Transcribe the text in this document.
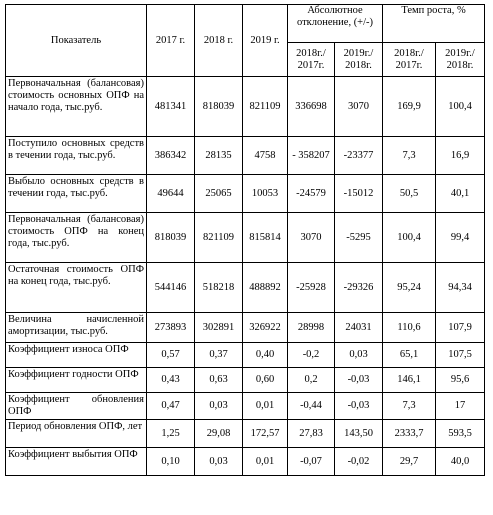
Показатель	2017 г.	2018 г.	2019 г.	Абсолютное отклонение, (+/-)		Темп роста, %	
				2018г./ 2017г.	2019г./ 2018г.	2018г./ 2017г.	2019г./ 2018г.
Первоначальная (балансовая) стоимость основных ОПФ на начало года, тыс.руб.	481341	818039	821109	336698	3070	169,9	100,4
Поступило основных средств в течении года, тыс.руб.	386342	28135	4758	- 358207	-23377	7,3	16,9
Выбыло основных средств в течении года, тыс.руб.	49644	25065	10053	-24579	-15012	50,5	40,1
Первоначальная (балансовая) стоимость ОПФ на конец года, тыс.руб.	818039	821109	815814	3070	-5295	100,4	99,4
Остаточная стоимость ОПФ на конец года, тыс.руб.	544146	518218	488892	-25928	-29326	95,24	94,34
Величина начисленной амортизации, тыс.руб.	273893	302891	326922	28998	24031	110,6	107,9
Коэффициент износа ОПФ	0,57	0,37	0,40	-0,2	0,03	65,1	107,5
Коэффициент годности ОПФ	0,43	0,63	0,60	0,2	-0,03	146,1	95,6
Коэффициент обновления ОПФ	0,47	0,03	0,01	-0,44	-0,03	7,3	17
Период обновления ОПФ, лет	1,25	29,08	172,57	27,83	143,50	2333,7	593,5
Коэффициент выбытия ОПФ	0,10	0,03	0,01	-0,07	-0,02	29,7	40,0
